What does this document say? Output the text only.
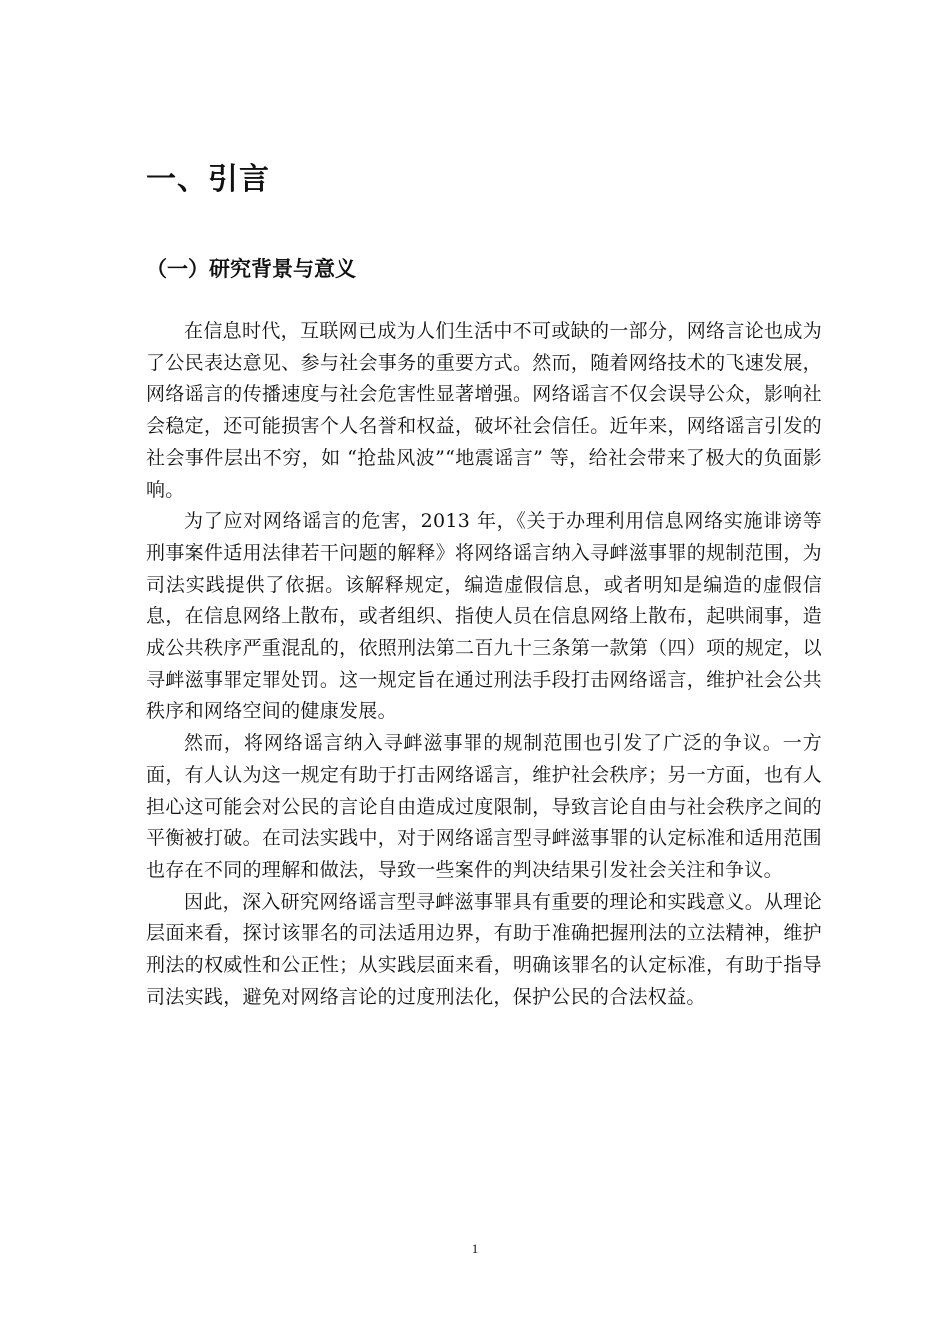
一、引言
（一）研究背景与意义

在信息时代，互联网已成为人们生活中不可或缺的一部分，网络言论也成为了公民表达意见、参与社会事务的重要方式。然而，随着网络技术的飞速发展，网络谣言的传播速度与社会危害性显著增强。网络谣言不仅会误导公众，影响社会稳定，还可能损害个人名誉和权益，破坏社会信任。近年来，网络谣言引发的社会事件层出不穷，如 “抢盐风波”“地震谣言” 等，给社会带来了极大的负面影响。

为了应对网络谣言的危害，2013 年，《关于办理利用信息网络实施诽谤等刑事案件适用法律若干问题的解释》将网络谣言纳入寻衅滋事罪的规制范围，为司法实践提供了依据。该解释规定，编造虚假信息，或者明知是编造的虚假信息，在信息网络上散布，或者组织、指使人员在信息网络上散布，起哄闹事，造成公共秩序严重混乱的，依照刑法第二百九十三条第一款第（四）项的规定，以寻衅滋事罪定罪处罚。这一规定旨在通过刑法手段打击网络谣言，维护社会公共秩序和网络空间的健康发展。

然而，将网络谣言纳入寻衅滋事罪的规制范围也引发了广泛的争议。一方面，有人认为这一规定有助于打击网络谣言，维护社会秩序；另一方面，也有人担心这可能会对公民的言论自由造成过度限制，导致言论自由与社会秩序之间的平衡被打破。在司法实践中，对于网络谣言型寻衅滋事罪的认定标准和适用范围也存在不同的理解和做法，导致一些案件的判决结果引发社会关注和争议。

因此，深入研究网络谣言型寻衅滋事罪具有重要的理论和实践意义。从理论层面来看，探讨该罪名的司法适用边界，有助于准确把握刑法的立法精神，维护刑法的权威性和公正性；从实践层面来看，明确该罪名的认定标准，有助于指导司法实践，避免对网络言论的过度刑法化，保护公民的合法权益。

1
